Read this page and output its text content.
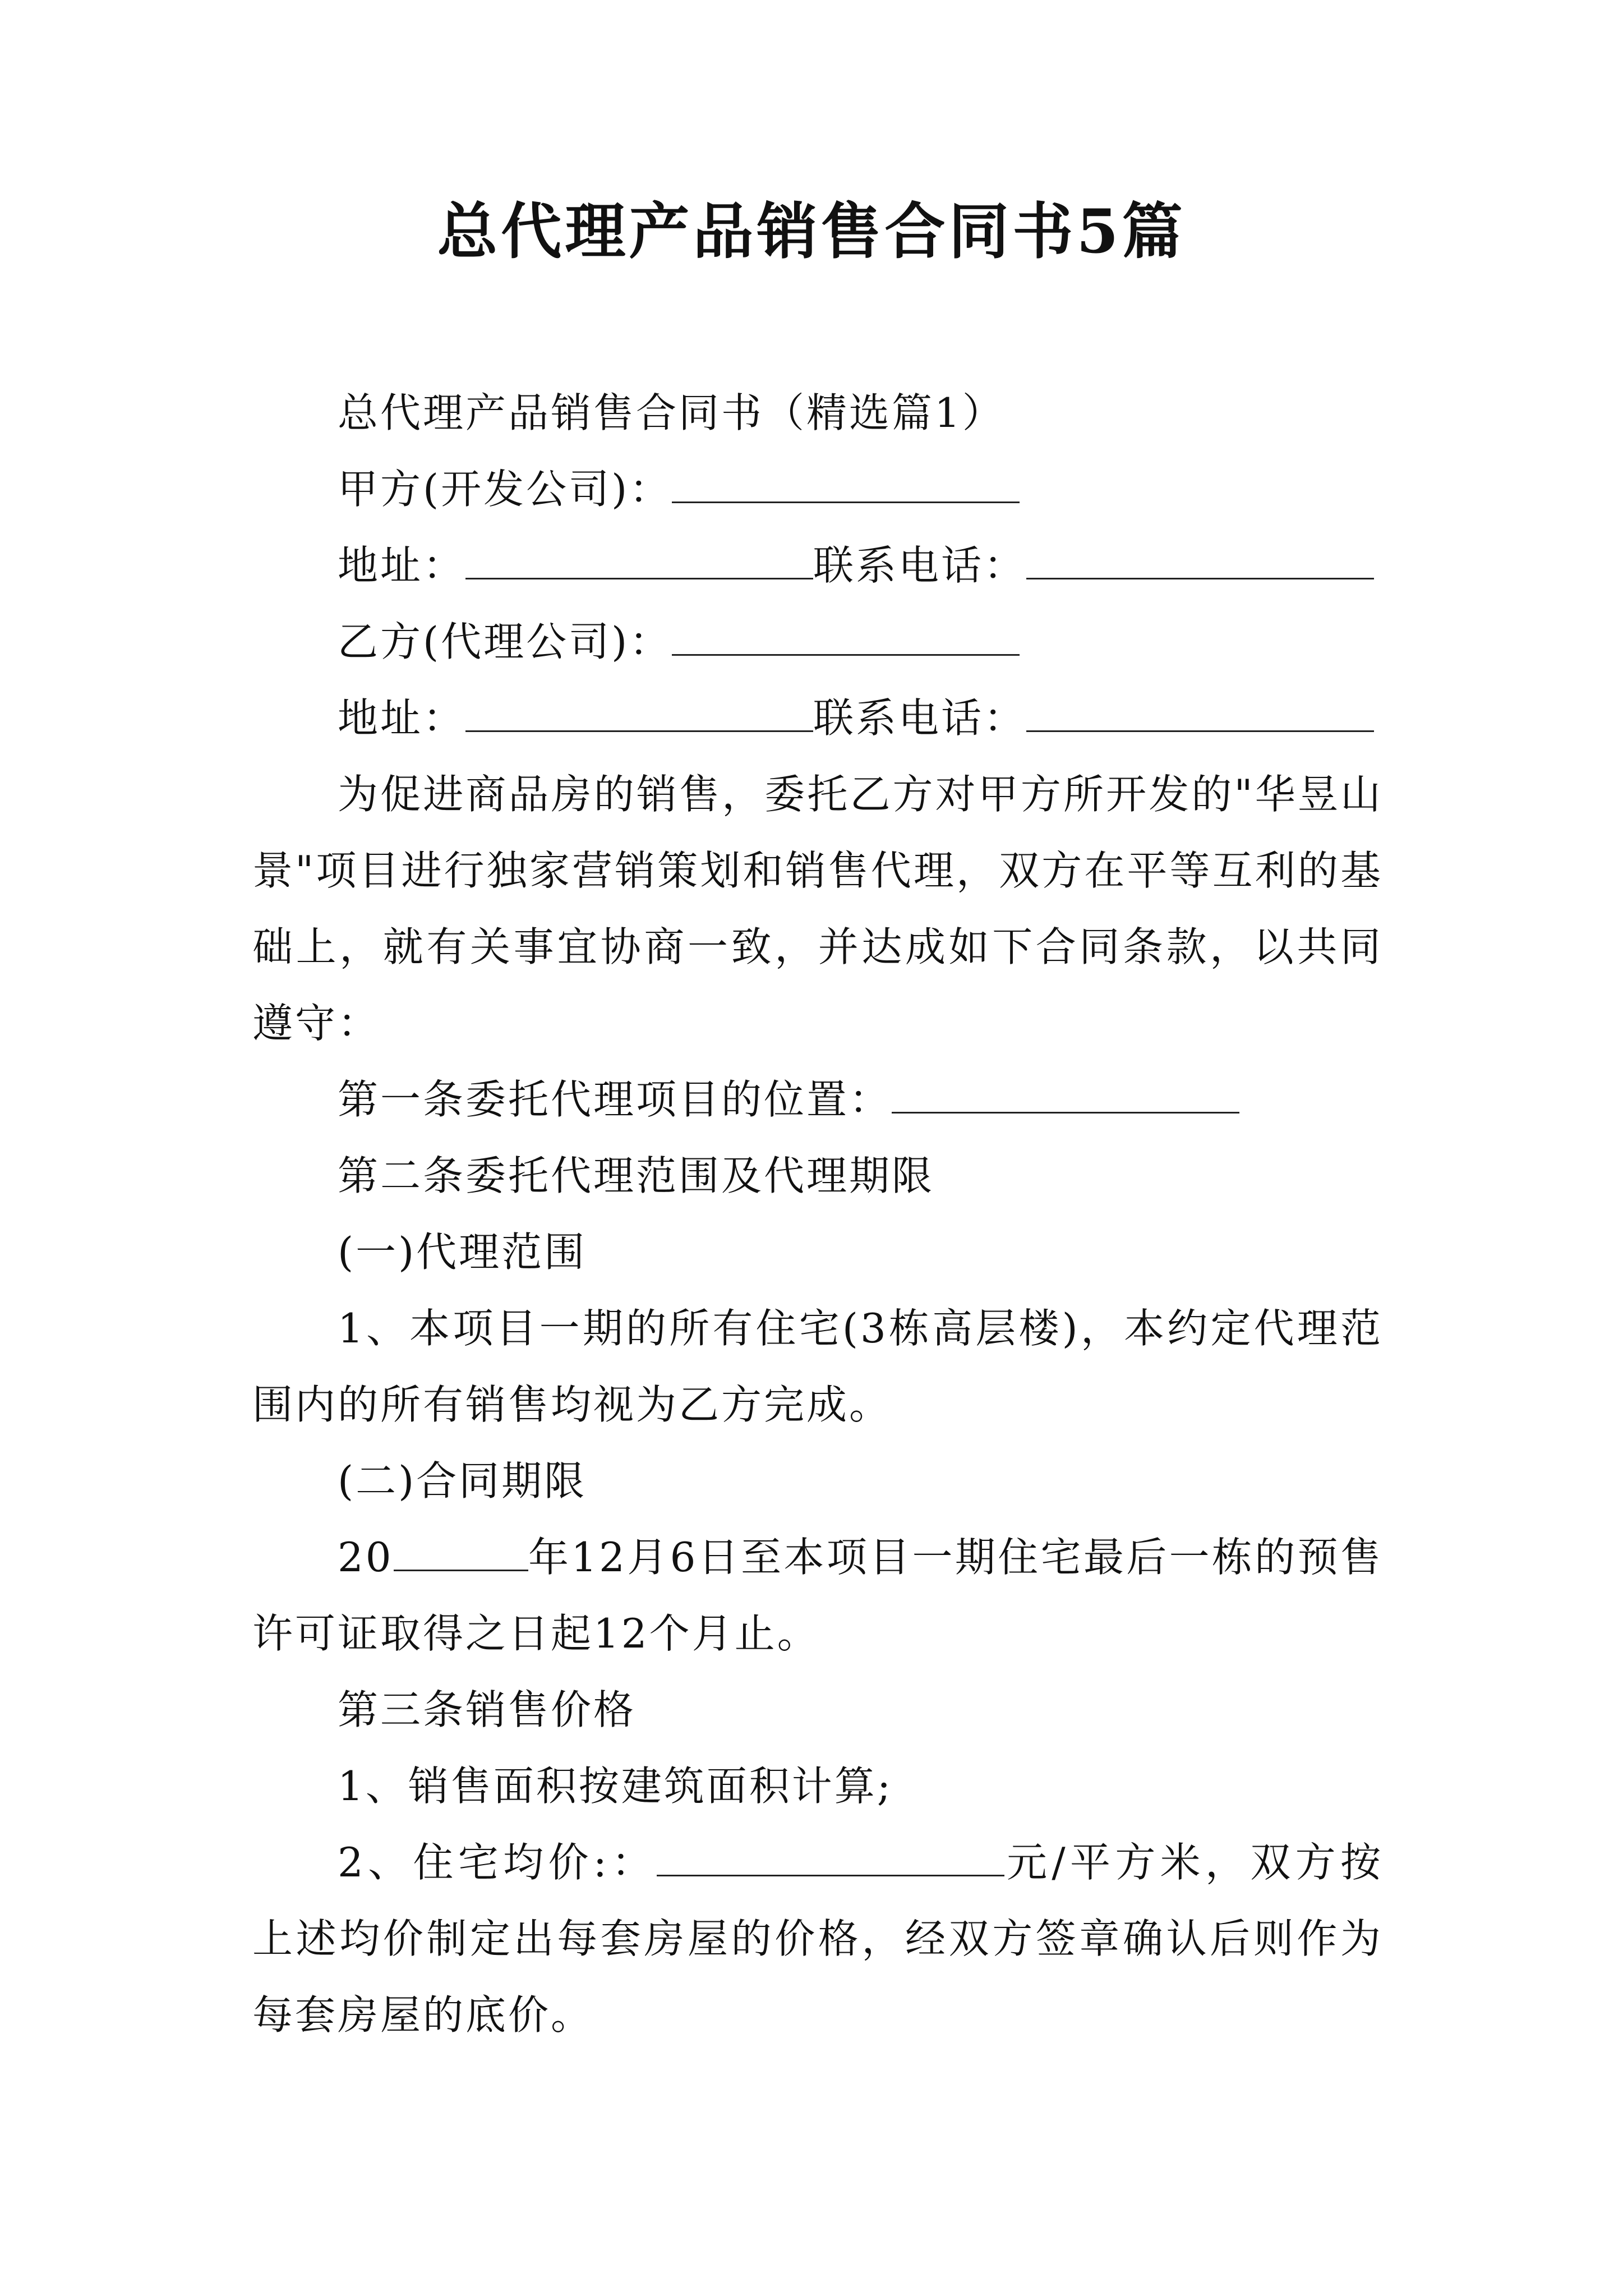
总代理产品销售合同书5篇

总代理产品销售合同书（精选篇1）

甲方(开发公司)：

地址：	联系电话：

乙方(代理公司)：

地址：	联系电话：

为促进商品房的销售，委托乙方对甲方所开发的"华昱山景"项目进行独家营销策划和销售代理，双方在平等互利的基础上，就有关事宜协商一致，并达成如下合同条款，以共同遵守：

第一条委托代理项目的位置：

第二条委托代理范围及代理期限

(一)代理范围

1、本项目一期的所有住宅(3栋高层楼)，本约定代理范围内的所有销售均视为乙方完成。

(二)合同期限

20	年12月6日至本项目一期住宅最后一栋的预售许可证取得之日起12个月止。

第三条销售价格

1、销售面积按建筑面积计算;

2、住宅均价:：	元/平方米，双方按上述均价制定出每套房屋的价格，经双方签章确认后则作为每套房屋的底价。
